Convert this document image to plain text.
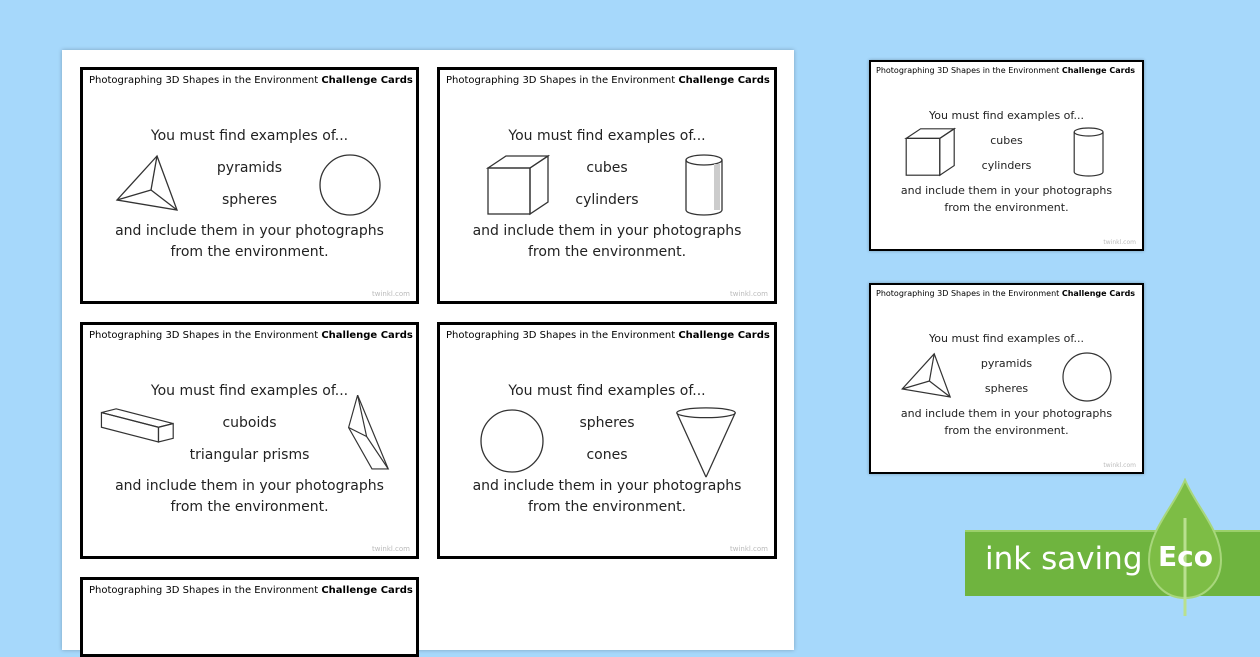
Photographing 3D Shapes in the Environment Challenge Cards
You must find examples of...
pyramids
spheres
and include them in your photographs
from the environment.
twinkl.com
Photographing 3D Shapes in the Environment Challenge Cards
You must find examples of...
cubes
cylinders
and include them in your photographs
from the environment.
twinkl.com
Photographing 3D Shapes in the Environment Challenge Cards
You must find examples of...
cuboids
triangular prisms
and include them in your photographs
from the environment.
twinkl.com
Photographing 3D Shapes in the Environment Challenge Cards
You must find examples of...
spheres
cones
and include them in your photographs
from the environment.
twinkl.com
Photographing 3D Shapes in the Environment Challenge Cards
Photographing 3D Shapes in the Environment Challenge Cards
You must find examples of...
cubes
cylinders
and include them in your photographs
from the environment.
twinkl.com
Photographing 3D Shapes in the Environment Challenge Cards
You must find examples of...
pyramids
spheres
and include them in your photographs
from the environment.
twinkl.com
ink saving Eco
